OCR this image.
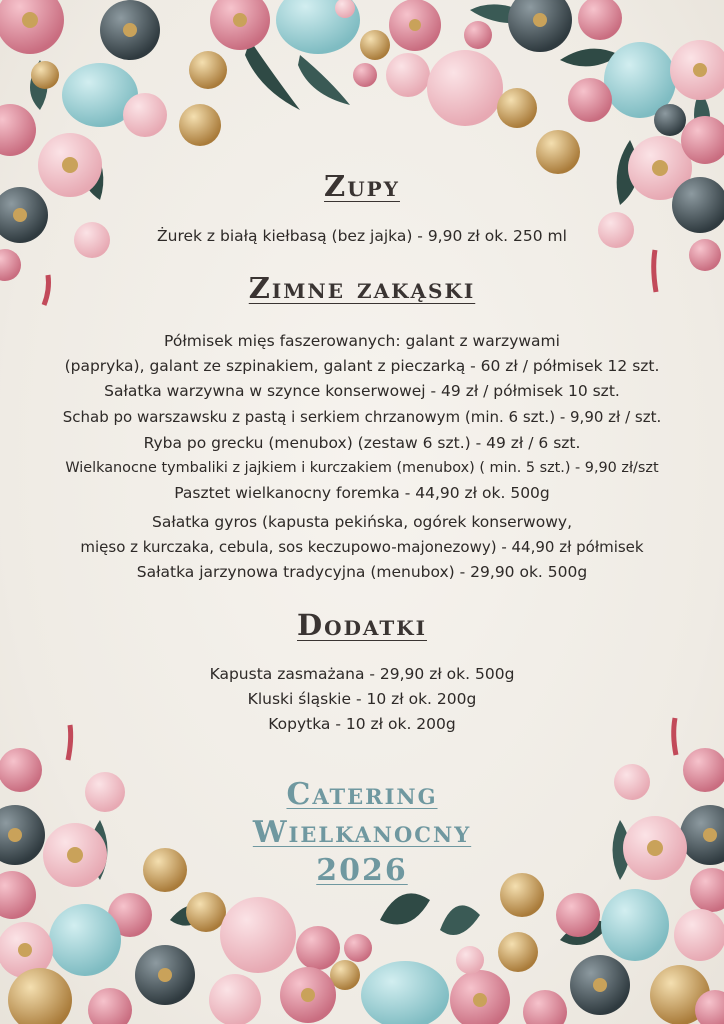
Zupy
Żurek z białą kiełbasą (bez jajka) - 9,90 zł ok. 250 ml
Zimne zakąski
Półmisek mięs faszerowanych: galant z warzywami
(papryka), galant ze szpinakiem, galant z pieczarką - 60 zł / półmisek 12 szt.
Sałatka warzywna w szynce konserwowej - 49 zł / półmisek 10 szt.
Schab po warszawsku z pastą i serkiem chrzanowym (min. 6 szt.) - 9,90 zł / szt.
Ryba po grecku (menubox) (zestaw 6 szt.) - 49 zł / 6 szt.
Wielkanocne tymbaliki z jajkiem i kurczakiem (menubox) ( min. 5 szt.) - 9,90 zł/szt
Pasztet wielkanocny foremka - 44,90 zł ok. 500g
Sałatka gyros (kapusta pekińska, ogórek konserwowy,
mięso z kurczaka, cebula, sos keczupowo-majonezowy) - 44,90 zł półmisek
Sałatka jarzynowa tradycyjna (menubox) - 29,90 ok. 500g
Dodatki
Kapusta zasmażana - 29,90 zł ok. 500g
Kluski śląskie - 10 zł ok. 200g
Kopytka - 10 zł ok. 200g
Catering
Wielkanocny
2026
